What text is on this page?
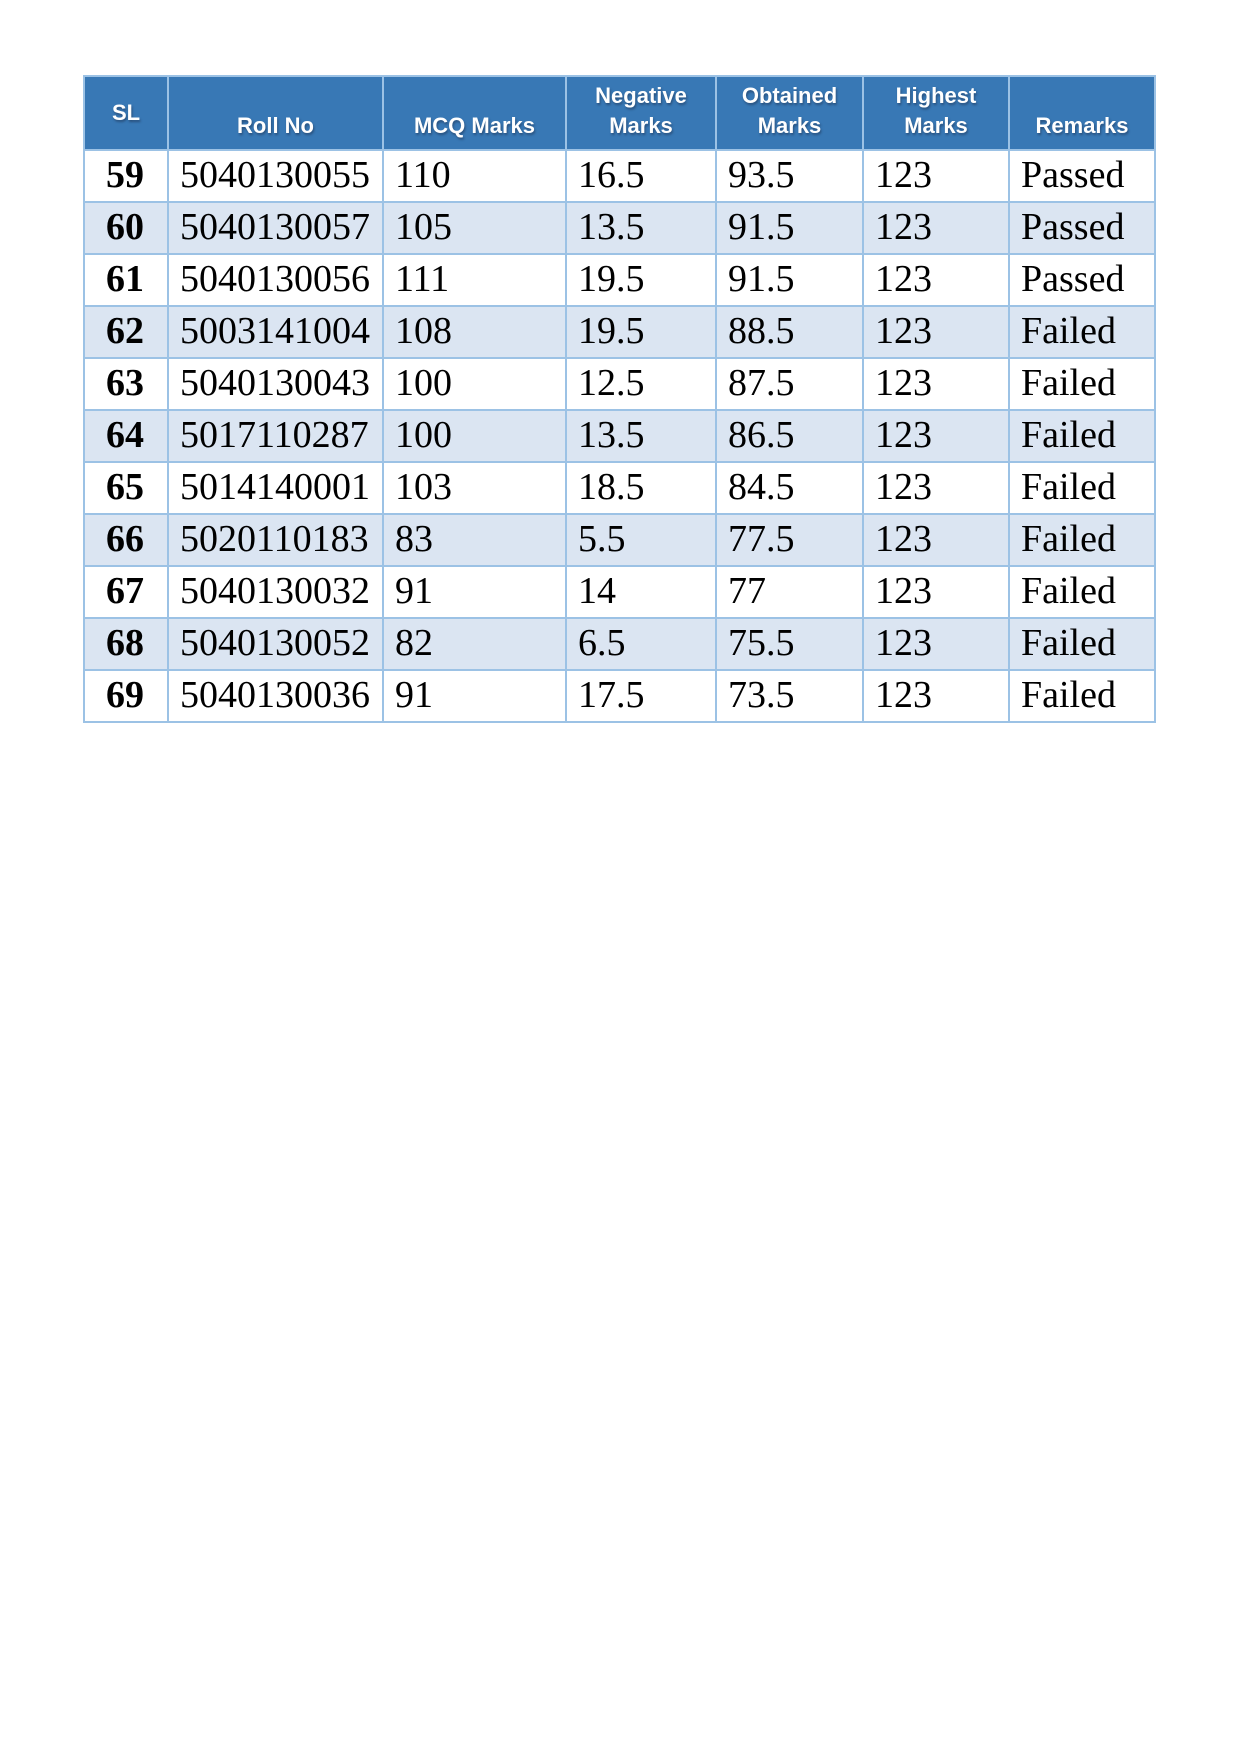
SL	Roll No	MCQ Marks	Negative Marks	Obtained Marks	Highest Marks	Remarks
59	5040130055	110	16.5	93.5	123	Passed
60	5040130057	105	13.5	91.5	123	Passed
61	5040130056	111	19.5	91.5	123	Passed
62	5003141004	108	19.5	88.5	123	Failed
63	5040130043	100	12.5	87.5	123	Failed
64	5017110287	100	13.5	86.5	123	Failed
65	5014140001	103	18.5	84.5	123	Failed
66	5020110183	83	5.5	77.5	123	Failed
67	5040130032	91	14	77	123	Failed
68	5040130052	82	6.5	75.5	123	Failed
69	5040130036	91	17.5	73.5	123	Failed
